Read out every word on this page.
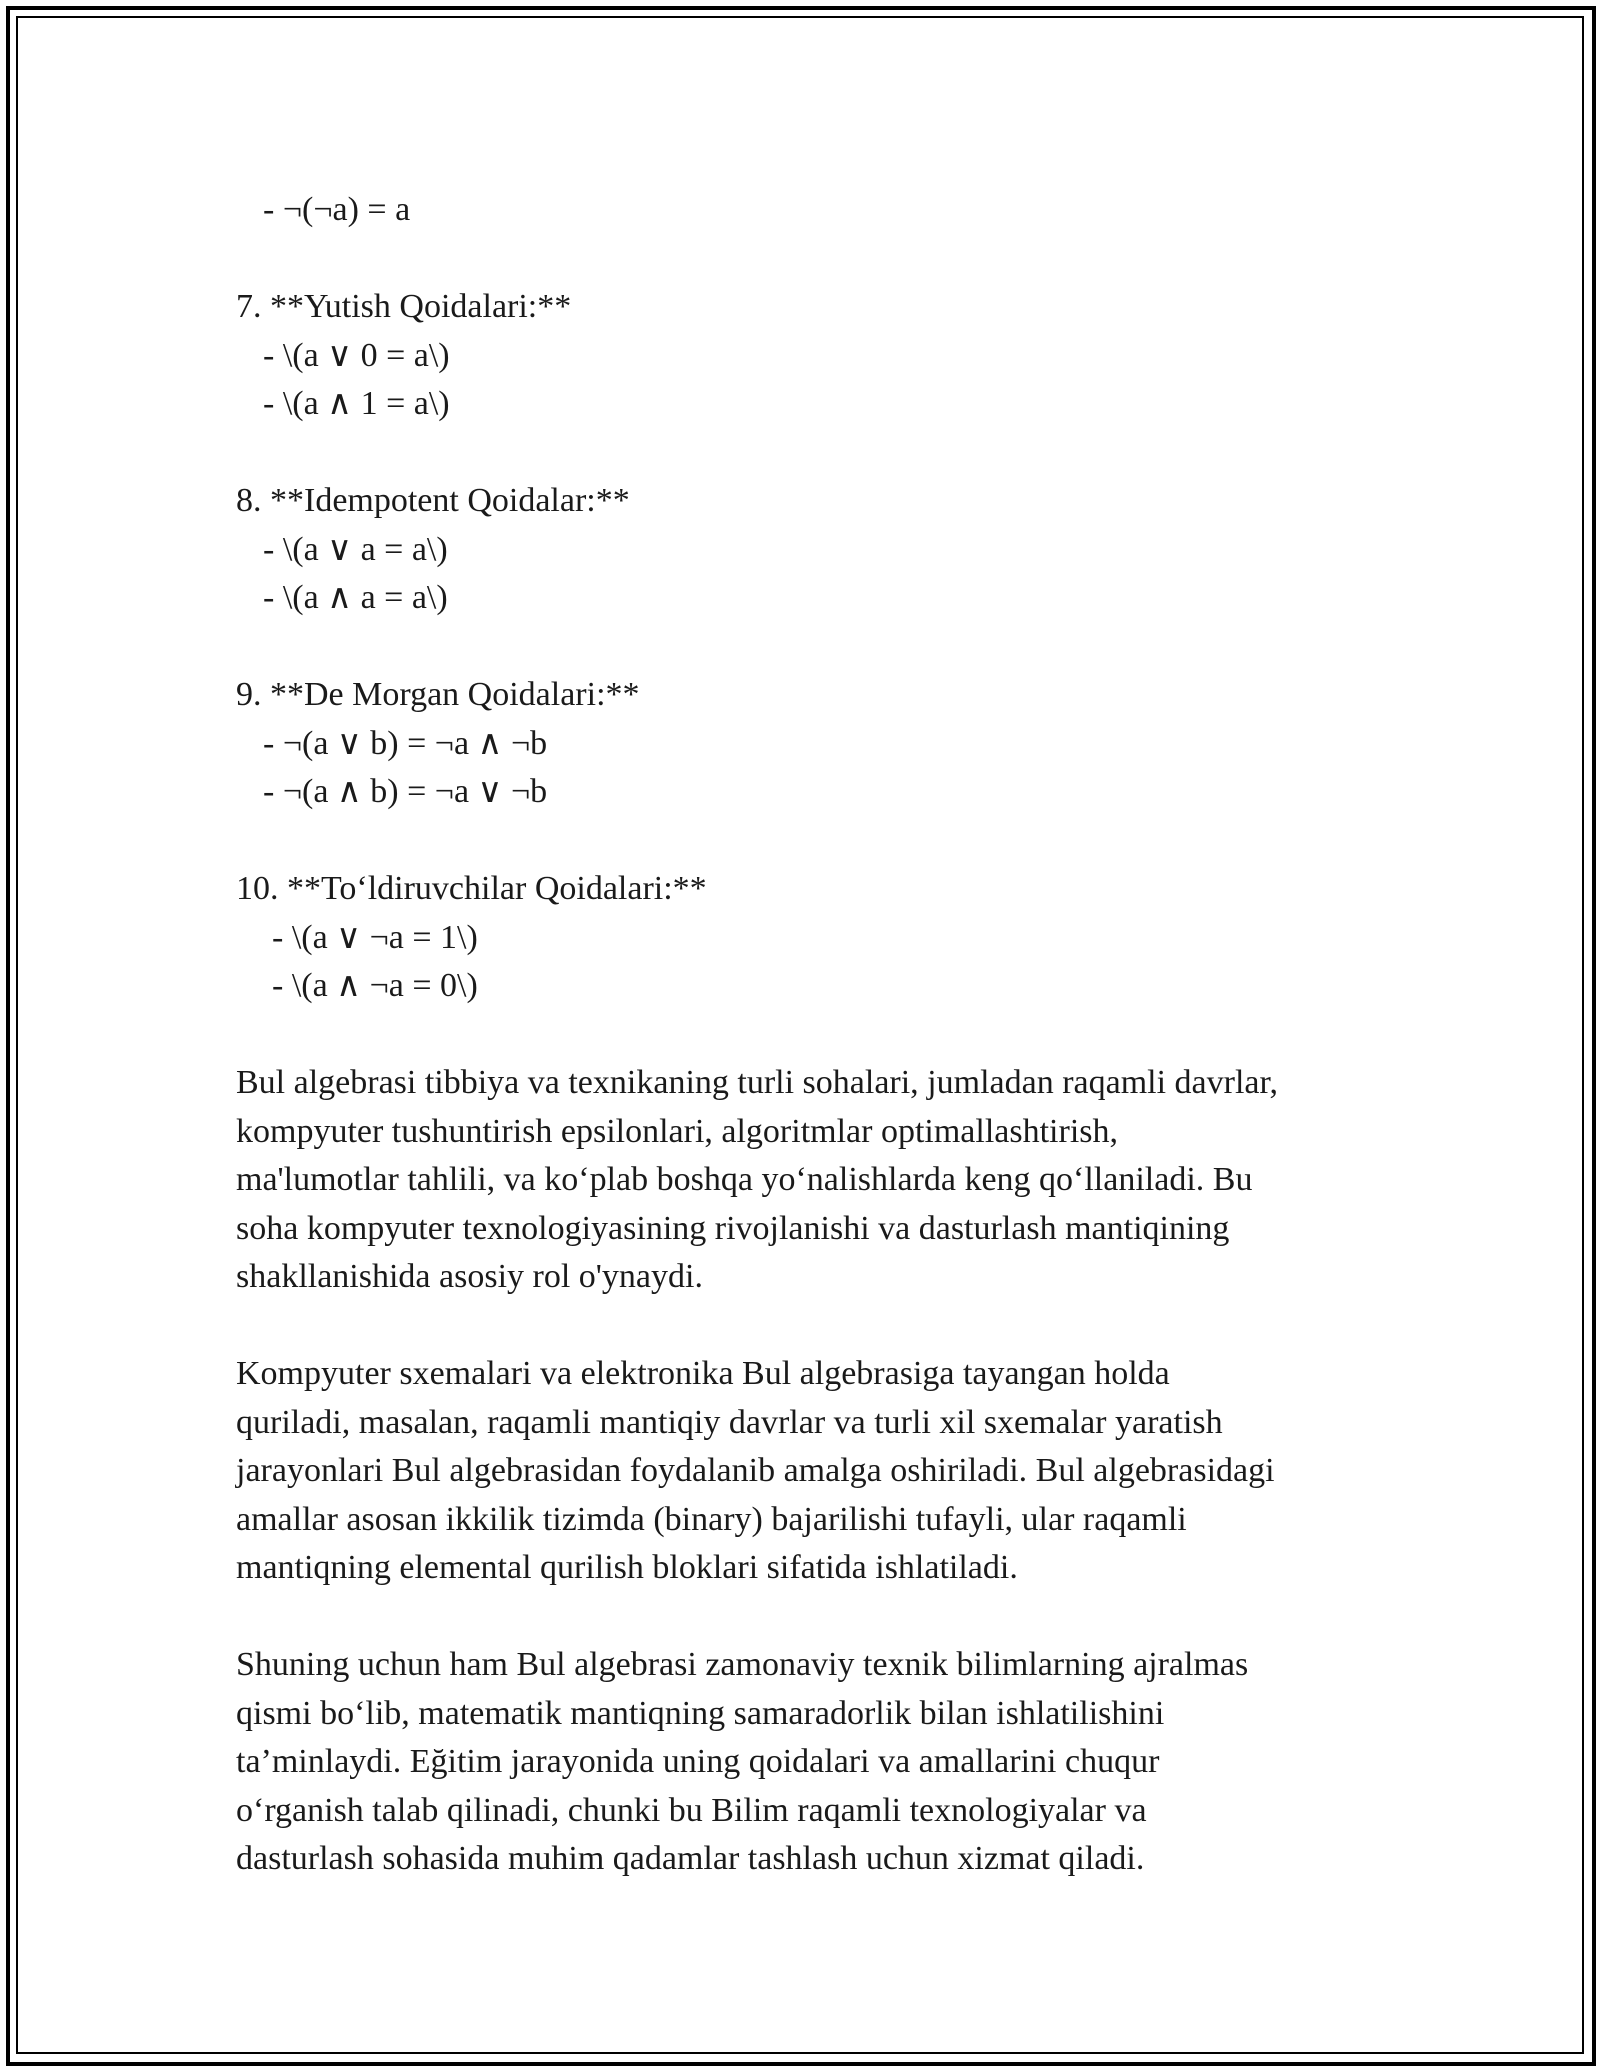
- ¬(¬a) = a
7. **Yutish Qoidalari:**
- \(a ∨ 0 = a\)
- \(a ∧ 1 = a\)
8. **Idempotent Qoidalar:**
- \(a ∨ a = a\)
- \(a ∧ a = a\)
9. **De Morgan Qoidalari:**
- ¬(a ∨ b) = ¬a ∧ ¬b
- ¬(a ∧ b) = ¬a ∨ ¬b
10. **To‘ldiruvchilar Qoidalari:**
- \(a ∨ ¬a = 1\)
- \(a ∧ ¬a = 0\)

Bul algebrasi tibbiya va texnikaning turli sohalari, jumladan raqamli davrlar,
kompyuter tushuntirish epsilonlari, algoritmlar optimallashtirish,
ma'lumotlar tahlili, va ko‘plab boshqa yo‘nalishlarda keng qo‘llaniladi. Bu
soha kompyuter texnologiyasining rivojlanishi va dasturlash mantiqining
shakllanishida asosiy rol o'ynaydi.

Kompyuter sxemalari va elektronika Bul algebrasiga tayangan holda
quriladi, masalan, raqamli mantiqiy davrlar va turli xil sxemalar yaratish
jarayonlari Bul algebrasidan foydalanib amalga oshiriladi. Bul algebrasidagi
amallar asosan ikkilik tizimda (binary) bajarilishi tufayli, ular raqamli
mantiqning elemental qurilish bloklari sifatida ishlatiladi.

Shuning uchun ham Bul algebrasi zamonaviy texnik bilimlarning ajralmas
qismi bo‘lib, matematik mantiqning samaradorlik bilan ishlatilishini
ta’minlaydi. Eğitim jarayonida uning qoidalari va amallarini chuqur
o‘rganish talab qilinadi, chunki bu Bilim raqamli texnologiyalar va
dasturlash sohasida muhim qadamlar tashlash uchun xizmat qiladi.
